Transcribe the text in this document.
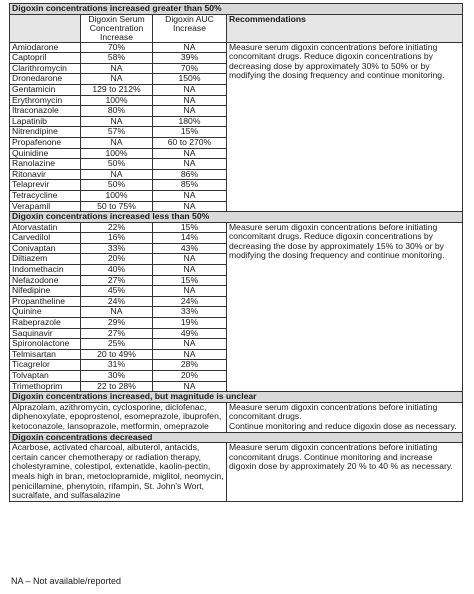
Digoxin concentrations increased greater than 50%			
	Digoxin Serum Concentration Increase	Digoxin AUC Increase	Recommendations
Amiodarone	70%	NA	Measure serum digoxin concentrations before initiating concomitant drugs. Reduce digoxin concentrations by decreasing dose by approximately 30% to 50% or by modifying the dosing frequency and continue monitoring.
Captopril	58%	39%	
Clarithromycin	NA	70%	
Dronedarone	NA	150%	
Gentamicin	129 to 212%	NA	
Erythromycin	100%	NA	
Itraconazole	80%	NA	
Lapatinib	NA	180%	
Nitrendipine	57%	15%	
Propafenone	NA	60 to 270%	
Quinidine	100%	NA	
Ranolazine	50%	NA	
Ritonavir	NA	86%	
Telaprevir	50%	85%	
Tetracycline	100%	NA	
Verapamil	50 to 75%	NA	
Digoxin concentrations increased less than 50%			
Atorvastatin	22%	15%	Measure serum digoxin concentrations before initiating concomitant drugs. Reduce digoxin concentrations by decreasing the dose by approximately 15% to 30% or by modifying the dosing frequency and continue monitoring.
Carvedilol	16%	14%	
Conivaptan	33%	43%	
Diltiazem	20%	NA	
Indomethacin	40%	NA	
Nefazodone	27%	15%	
Nifedipine	45%	NA	
Propantheline	24%	24%	
Quinine	NA	33%	
Rabeprazole	29%	19%	
Saquinavir	27%	49%	
Spironolactone	25%	NA	
Telmisartan	20 to 49%	NA	
Ticagrelor	31%	28%	
Tolvaptan	30%	20%	
Trimethoprim	22 to 28%	NA	
Digoxin concentrations increased, but magnitude is unclear			
Alprazolam, azithromycin, cyclosporine, diclofenac, diphenoxylate, epoprostenol, esomeprazole, ibuprofen, ketoconazole, lansoprazole, metformin, omeprazole			Measure serum digoxin concentrations before initiating concomitant drugs.
Continue monitoring and reduce digoxin dose as necessary.

Digoxin concentrations decreased			
Acarbose, activated charcoal, albuterol, antacids, certain cancer chemotherapy or radiation therapy, cholestyramine, colestipol, extenatide, kaolin-pectin, meals high in bran, metoclopramide, miglitol, neomycin, penicillamine, phenytoin, rifampin, St. John's Wort, sucralfate, and sulfasalazine			Measure serum digoxin concentrations before initiating concomitant drugs. Continue monitoring and increase digoxin dose by approximately 20 % to 40 % as necessary.
NA – Not available/reported
